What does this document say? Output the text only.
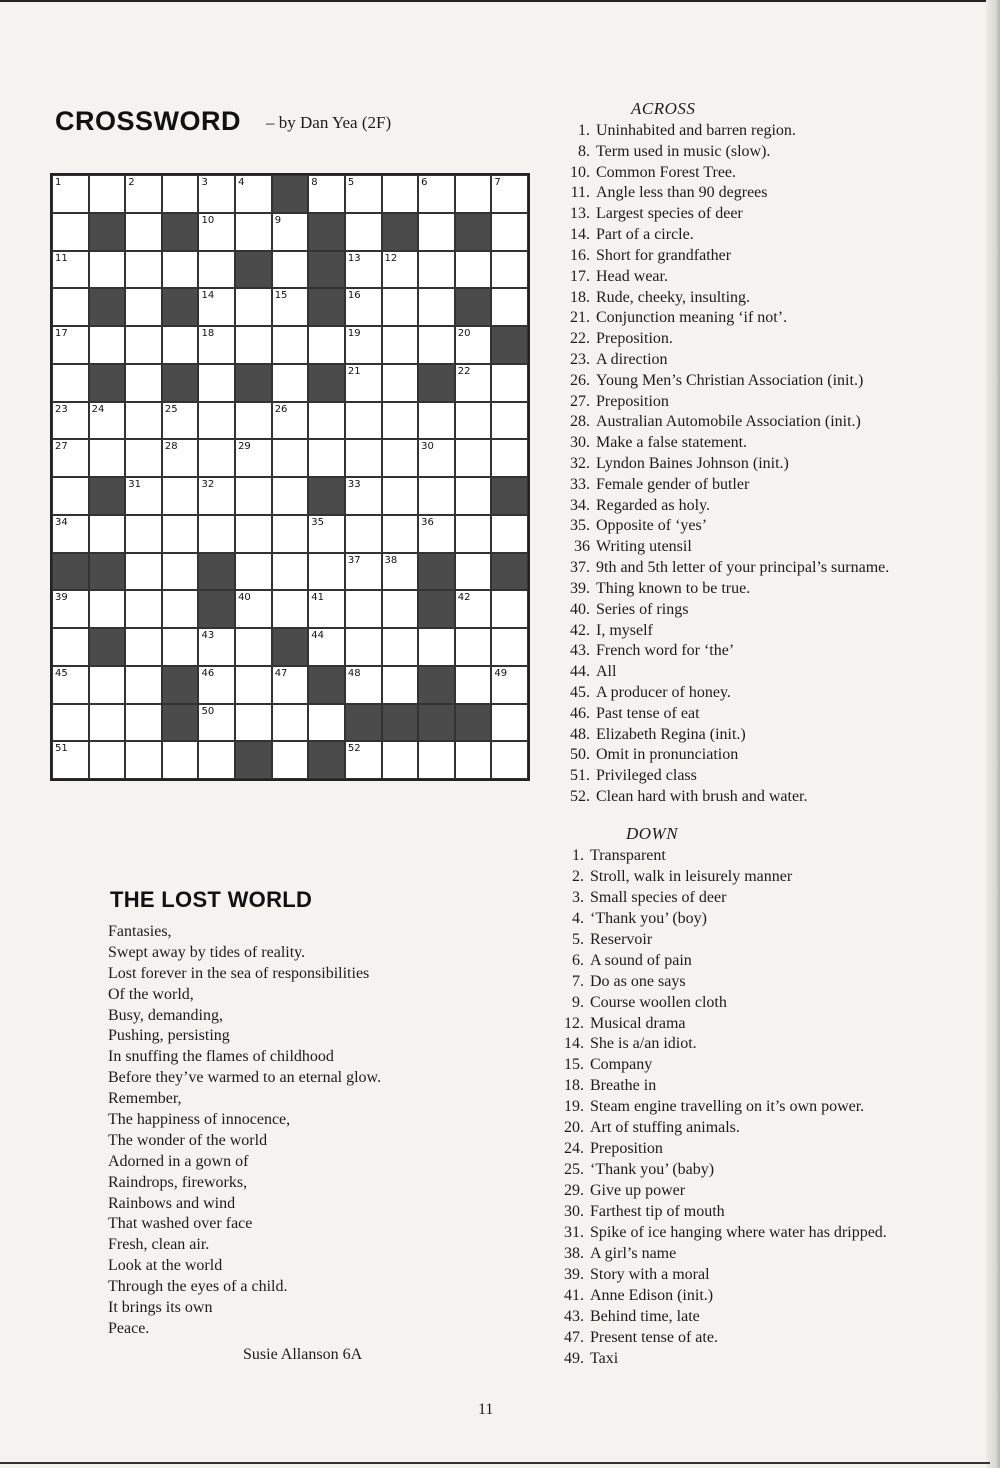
CROSSWORD – by Dan Yea (2F)
1	2	3	4	8	5	6	7
10	9
11	13 12
14	15	16
17	18	19	20
21	22
23 24	25	26
27	28	29	30
31	32	33
34	35	36
37 38
39	40	41	42
43	44
45	46	47	48	49
50
51	52
ACROSS
1. Uninhabited and barren region.
8. Term used in music (slow).
10. Common Forest Tree.
11. Angle less than 90 degrees
13. Largest species of deer
14. Part of a circle.
16. Short for grandfather
17. Head wear.
18. Rude, cheeky, insulting.
21. Conjunction meaning ‘if not’.
22. Preposition.
23. A direction
26. Young Men’s Christian Association (init.)
27. Preposition
28. Australian Automobile Association (init.)
30. Make a false statement.
32. Lyndon Baines Johnson (init.)
33. Female gender of butler
34. Regarded as holy.
35. Opposite of ‘yes’
36 Writing utensil
37. 9th and 5th letter of your principal’s surname.
39. Thing known to be true.
40. Series of rings
42. I, myself
43. French word for ‘the’
44. All
45. A producer of honey.
46. Past tense of eat
48. Elizabeth Regina (init.)
50. Omit in pronunciation
51. Privileged class
52. Clean hard with brush and water.
DOWN
1. Transparent
2. Stroll, walk in leisurely manner
3. Small species of deer
4. ‘Thank you’ (boy)
5. Reservoir
6. A sound of pain
7. Do as one says
9. Course woollen cloth
12. Musical drama
14. She is a/an idiot.
15. Company
18. Breathe in
19. Steam engine travelling on it’s own power.
20. Art of stuffing animals.
24. Preposition
25. ‘Thank you’ (baby)
29. Give up power
30. Farthest tip of mouth
31. Spike of ice hanging where water has dripped.
38. A girl’s name
39. Story with a moral
41. Anne Edison (init.)
43. Behind time, late
47. Present tense of ate.
49. Taxi
THE LOST WORLD
Fantasies,
Swept away by tides of reality.
Lost forever in the sea of responsibilities
Of the world,
Busy, demanding,
Pushing, persisting
In snuffing the flames of childhood
Before they’ve warmed to an eternal glow.
Remember,
The happiness of innocence,
The wonder of the world
Adorned in a gown of
Raindrops, fireworks,
Rainbows and wind
That washed over face
Fresh, clean air.
Look at the world
Through the eyes of a child.
It brings its own
Peace.
Susie Allanson 6A
11
